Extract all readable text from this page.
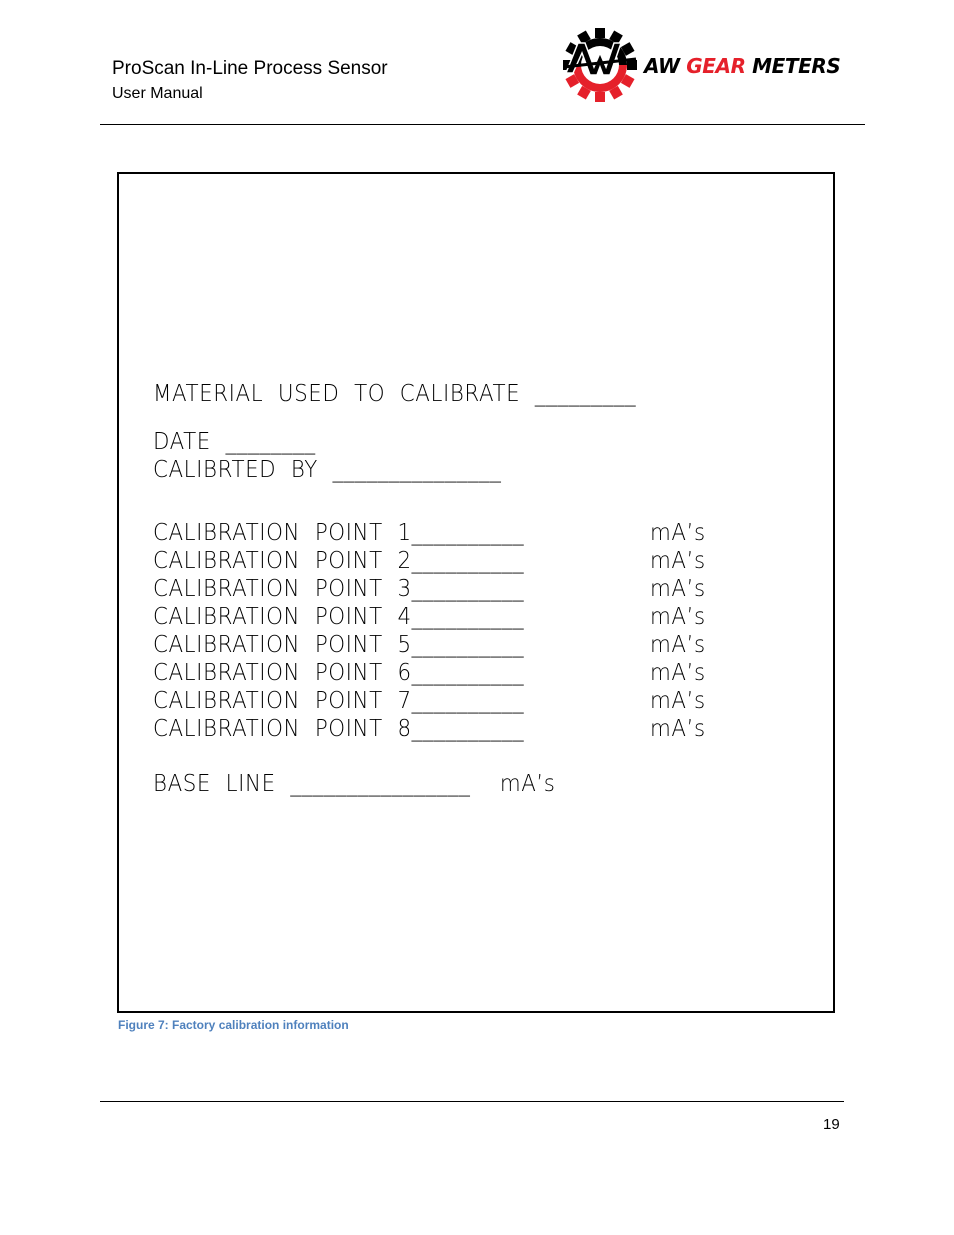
ProScan In-Line Process Sensor
User Manual
AW GEAR METERS
MATERIAL  USED  TO  CALIBRATE  _________
DATE  ________
CALIBRTED  BY  _______________
CALIBRATION  POINT  1__________	mA’s
CALIBRATION  POINT  2__________	mA’s
CALIBRATION  POINT  3__________	mA’s
CALIBRATION  POINT  4__________	mA’s
CALIBRATION  POINT  5__________	mA’s
CALIBRATION  POINT  6__________	mA’s
CALIBRATION  POINT  7__________	mA’s
CALIBRATION  POINT  8__________	mA’s
BASE  LINE  ________________    mA’s
Figure 7: Factory calibration information
19
